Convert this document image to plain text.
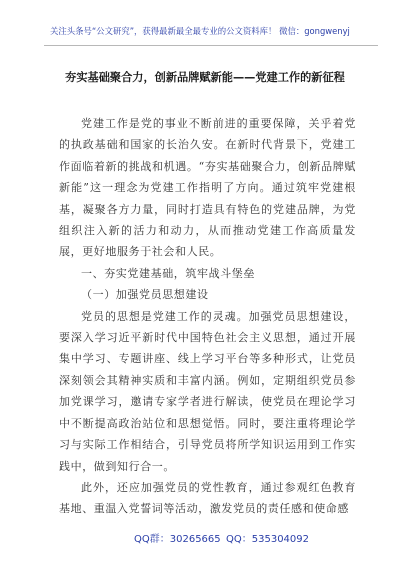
关注头条号“公文研究”，获得最新最全最专业的公文资料库！ 微信：gongwenyj
夯实基础聚合力，创新品牌赋新能——党建工作的新征程

党建工作是党的事业不断前进的重要保障，关乎着党的执政基础和国家的长治久安。在新时代背景下，党建工作面临着新的挑战和机遇。“夯实基础聚合力，创新品牌赋新能”这一理念为党建工作指明了方向。通过筑牢党建根基，凝聚各方力量，同时打造具有特色的党建品牌，为党组织注入新的活力和动力，从而推动党建工作高质量发展，更好地服务于社会和人民。

一、夯实党建基础，筑牢战斗堡垒

（一）加强党员思想建设

党员的思想是党建工作的灵魂。加强党员思想建设，要深入学习近平新时代中国特色社会主义思想，通过开展集中学习、专题讲座、线上学习平台等多种形式，让党员深刻领会其精神实质和丰富内涵。例如，定期组织党员参加党课学习，邀请专家学者进行解读，使党员在理论学习中不断提高政治站位和思想觉悟。同时，要注重将理论学习与实际工作相结合，引导党员将所学知识运用到工作实践中，做到知行合一。

此外，还应加强党员的党性教育，通过参观红色教育基地、重温入党誓词等活动，激发党员的责任感和使命感

QQ群：30265665 QQ：535304092
